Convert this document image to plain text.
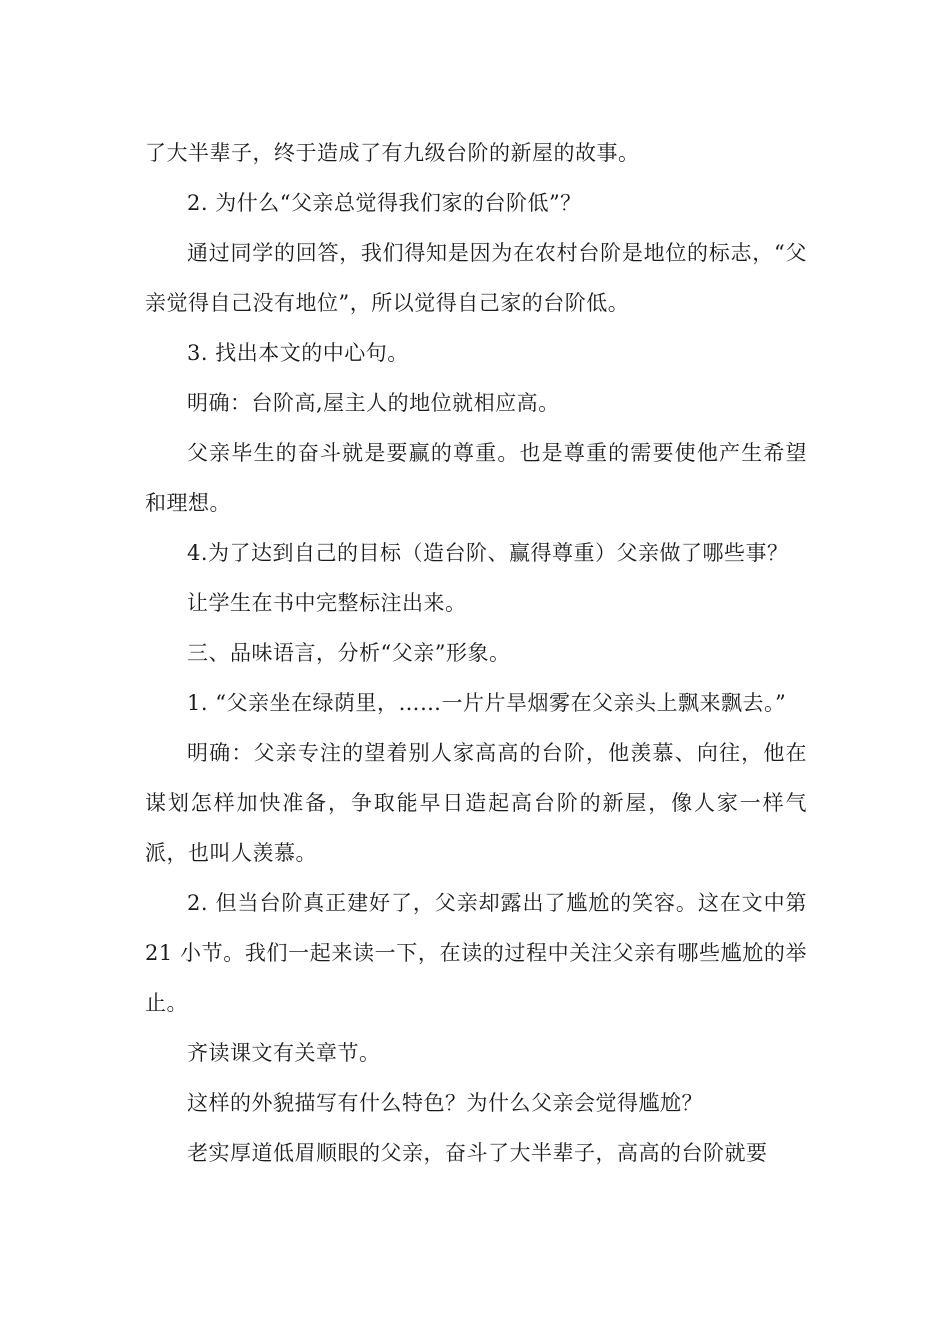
了大半辈子，终于造成了有九级台阶的新屋的故事。

2. 为什么“父亲总觉得我们家的台阶低”？

通过同学的回答，我们得知是因为在农村台阶是地位的标志，“父亲觉得自己没有地位”，所以觉得自己家的台阶低。

3. 找出本文的中心句。

明确：台阶高,屋主人的地位就相应高。

父亲毕生的奋斗就是要赢的尊重。也是尊重的需要使他产生希望和理想。

4.为了达到自己的目标（造台阶、赢得尊重）父亲做了哪些事？

让学生在书中完整标注出来。

三、品味语言，分析“父亲”形象。

1. “父亲坐在绿荫里，……一片片旱烟雾在父亲头上飘来飘去。”

明确：父亲专注的望着别人家高高的台阶，他羡慕、向往，他在谋划怎样加快准备，争取能早日造起高台阶的新屋，像人家一样气派，也叫人羡慕。

2. 但当台阶真正建好了，父亲却露出了尴尬的笑容。这在文中第 21 小节。我们一起来读一下，在读的过程中关注父亲有哪些尴尬的举止。

齐读课文有关章节。

这样的外貌描写有什么特色？为什么父亲会觉得尴尬？

老实厚道低眉顺眼的父亲，奋斗了大半辈子，高高的台阶就要
